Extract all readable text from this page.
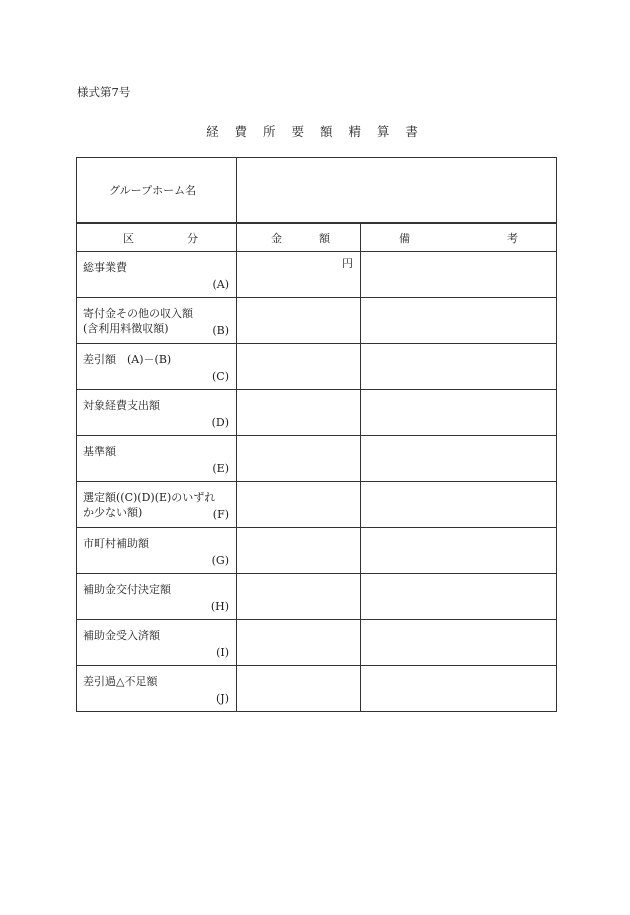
様式第7号
経 費 所 要 額 精 算 書
グループホーム名		

区 分	金 額	備 考

総事業費
(A)	円	

寄付金その他の収入額
(含利用料徴収額) (B)		

差引額　(A)－(B)
(C)		

対象経費支出額
(D)		

基準額
(E)		

選定額((C)(D)(E)のいずれ
か少ない額) (F)		

市町村補助額
(G)		

補助金交付決定額
(H)		

補助金受入済額
(I)		

差引過△不足額
(J)		
